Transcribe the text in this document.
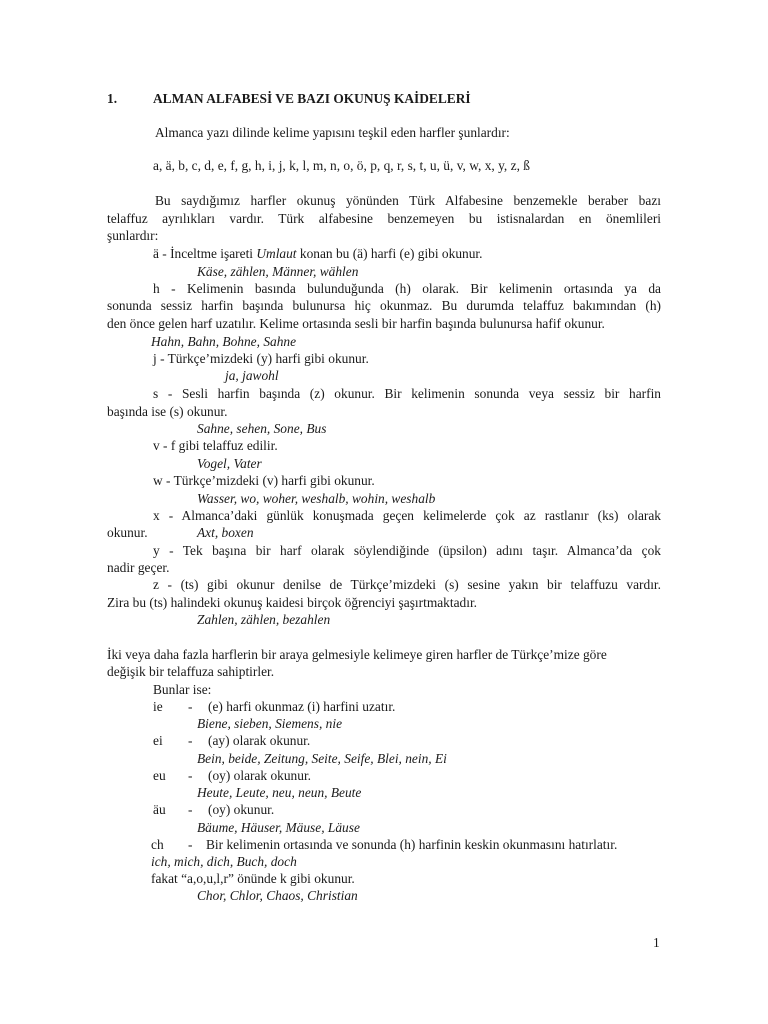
1.	ALMAN ALFABESİ VE BAZI OKUNUŞ KAİDELERİ
Almanca yazı dilinde kelime yapısını teşkil eden harfler şunlardır:
a, ä, b, c, d, e, f, g, h, i, j, k, l, m, n, o, ö, p, q, r, s, t, u, ü, v, w, x, y, z, ß
Bu saydığımız harfler okunuş yönünden Türk Alfabesine benzemekle beraber bazı
telaffuz ayrılıkları vardır. Türk alfabesine benzemeyen bu istisnalardan en önemlileri
şunlardır:
ä - İnceltme işareti Umlaut konan bu (ä) harfi (e) gibi okunur.
Käse, zählen, Männer, wählen
h - Kelimenin basında bulunduğunda (h) olarak. Bir kelimenin ortasında ya da
sonunda sessiz harfin başında bulunursa hiç okunmaz. Bu durumda telaffuz bakımından (h)
den önce gelen harf uzatılır. Kelime ortasında sesli bir harfin başında bulunursa hafif okunur.
Hahn, Bahn, Bohne, Sahne
j - Türkçe’mizdeki (y) harfi gibi okunur.
ja, jawohl
s - Sesli harfin başında (z) okunur. Bir kelimenin sonunda veya sessiz bir harfin
başında ise (s) okunur.
Sahne, sehen, Sone, Bus
v - f gibi telaffuz edilir.
Vogel, Vater
w - Türkçe’mizdeki (v) harfi gibi okunur.
Wasser, wo, woher, weshalb, wohin, weshalb
x - Almanca’daki günlük konuşmada geçen kelimelerde çok az rastlanır (ks) olarak
okunur.	Axt, boxen
y - Tek başına bir harf olarak söylendiğinde (üpsilon) adını taşır. Almanca’da çok
nadir geçer.
z - (ts) gibi okunur denilse de Türkçe’mizdeki (s) sesine yakın bir telaffuzu vardır.
Zira bu (ts) halindeki okunuş kaidesi birçok öğrenciyi şaşırtmaktadır.
Zahlen, zählen, bezahlen
İki veya daha fazla harflerin bir araya gelmesiyle kelimeye giren harfler de Türkçe’mize göre
değişik bir telaffuza sahiptirler.
Bunlar ise:
ie - (e) harfi okunmaz (i) harfini uzatır.
Biene, sieben, Siemens, nie
ei - (ay) olarak okunur.
Bein, beide, Zeitung, Seite, Seife, Blei, nein, Ei
eu - (oy) olarak okunur.
Heute, Leute, neu, neun, Beute
äu - (oy) okunur.
Bäume, Häuser, Mäuse, Läuse
ch - Bir kelimenin ortasında ve sonunda (h) harfinin keskin okunmasını hatırlatır.
ich, mich, dich, Buch, doch
fakat “a,o,u,l,r” önünde k gibi okunur.
Chor, Chlor, Chaos, Christian
1
